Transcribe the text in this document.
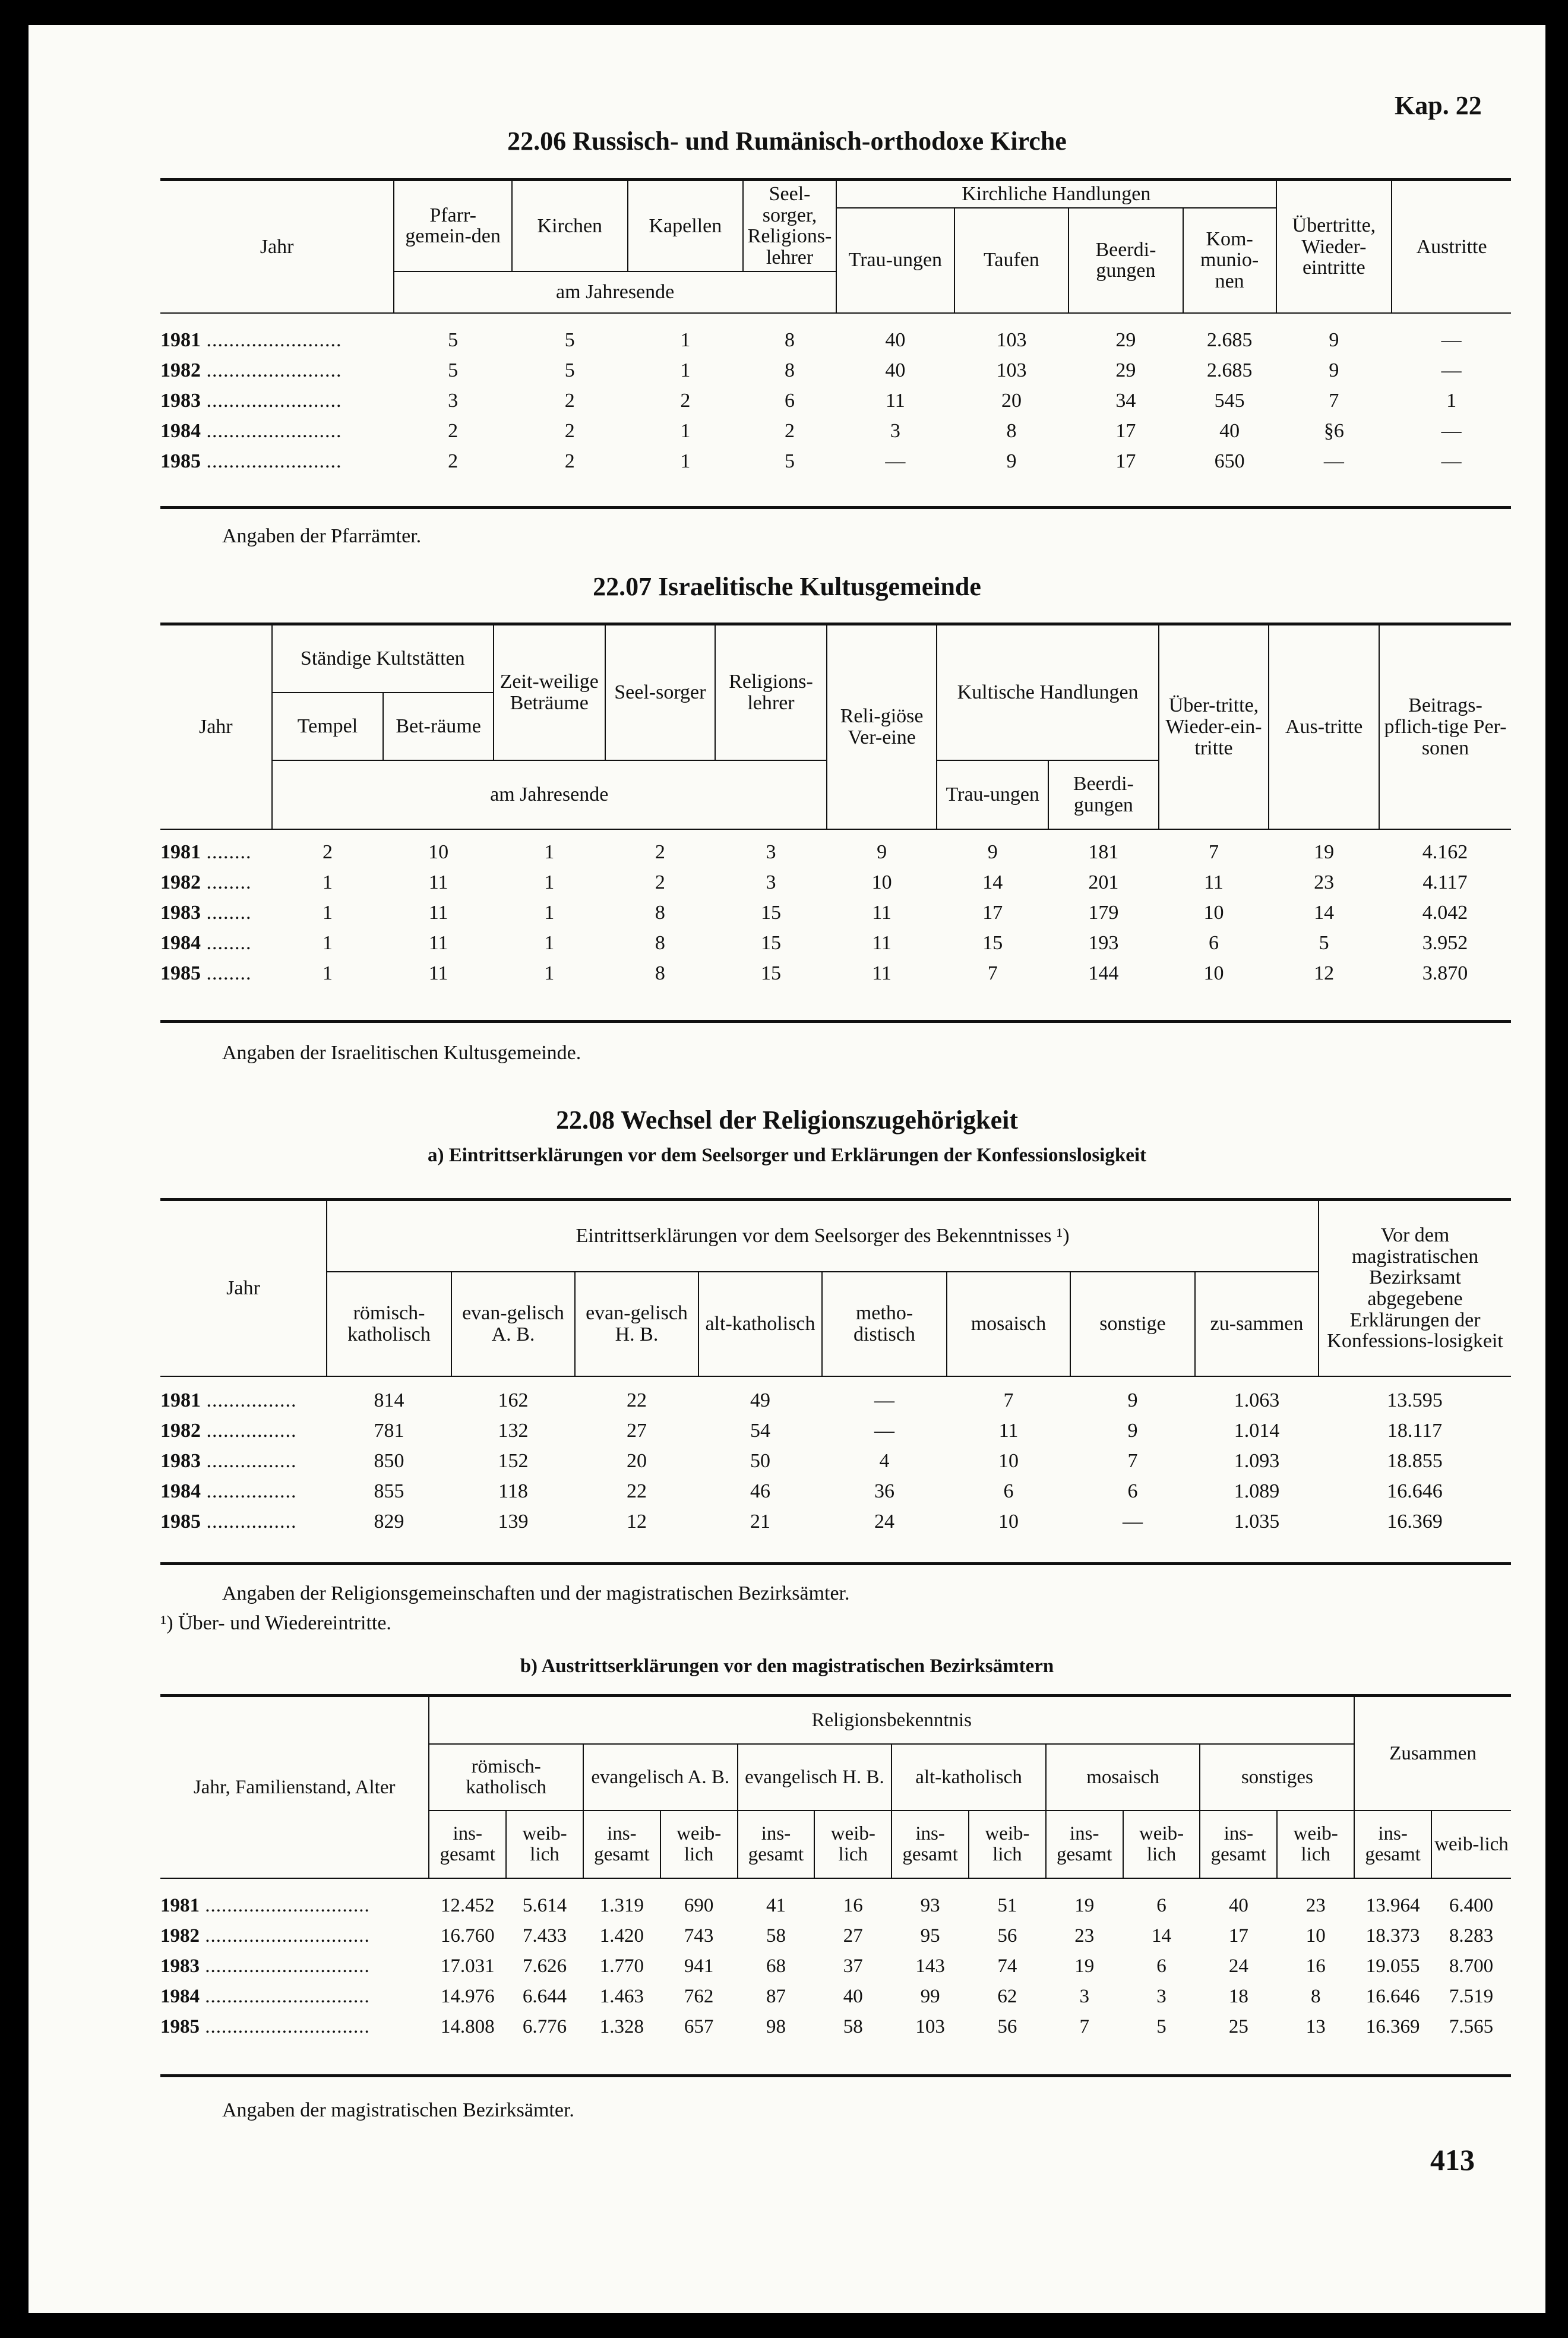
Kap. 22
22.06 Russisch- und Rumänisch-orthodoxe Kirche
Jahr	Pfarr-gemein-den	Kirchen	Kapellen	Seel-sorger, Religions-lehrer	Kirchliche Handlungen				Übertritte, Wieder-eintritte	Austritte
					Trau-ungen	Taufen	Beerdi-gungen	Kom-munio-nen		
	am Jahresende									

1981 ........................	5	5	1	8	40	103	29	2.685	9	—
1982 ........................	5	5	1	8	40	103	29	2.685	9	—
1983 ........................	3	2	2	6	11	20	34	545	7	1
1984 ........................	2	2	1	2	3	8	17	40	§6	—
1985 ........................	2	2	1	5	—	9	17	650	—	—
Angaben der Pfarrämter.
22.07 Israelitische Kultusgemeinde
Jahr	Ständige Kultstätten		Zeit-weilige Beträume	Seel-sorger	Religions-lehrer	Reli-giöse Ver-eine	Kultische Handlungen		Über-tritte, Wieder-ein-tritte	Aus-tritte	Beitrags-pflich-tige Per-sonen
	Tempel	Bet-räume									
	am Jahresende						Trau-ungen	Beerdi-gungen			

1981 ........	2	10	1	2	3	9	9	181	7	19	4.162
1982 ........	1	11	1	2	3	10	14	201	11	23	4.117
1983 ........	1	11	1	8	15	11	17	179	10	14	4.042
1984 ........	1	11	1	8	15	11	15	193	6	5	3.952
1985 ........	1	11	1	8	15	11	7	144	10	12	3.870
Angaben der Israelitischen Kultusgemeinde.
22.08 Wechsel der Religionszugehörigkeit
a) Eintrittserklärungen vor dem Seelsorger und Erklärungen der Konfessionslosigkeit
Jahr	Eintrittserklärungen vor dem Seelsorger des Bekenntnisses ¹)								Vor dem magistratischen Bezirksamt abgegebene Erklärungen der Konfessions-losigkeit
	römisch-katholisch	evan-gelisch A. B.	evan-gelisch H. B.	alt-katholisch	metho-distisch	mosaisch	sonstige	zu-sammen	

1981 ................	814	162	22	49	—	7	9	1.063	13.595
1982 ................	781	132	27	54	—	11	9	1.014	18.117
1983 ................	850	152	20	50	4	10	7	1.093	18.855
1984 ................	855	118	22	46	36	6	6	1.089	16.646
1985 ................	829	139	12	21	24	10	—	1.035	16.369
Angaben der Religionsgemeinschaften und der magistratischen Bezirksämter.
¹) Über- und Wiedereintritte.
b) Austrittserklärungen vor den magistratischen Bezirksämtern
Jahr, Familienstand, Alter	Religionsbekenntnis												Zusammen	
	römisch-katholisch		evangelisch A. B.		evangelisch H. B.		alt-katholisch		mosaisch		sonstiges			
	ins-gesamt	weib-lich	ins-gesamt	weib-lich	ins-gesamt	weib-lich	ins-gesamt	weib-lich	ins-gesamt	weib-lich	ins-gesamt	weib-lich	ins-gesamt	weib-lich

1981 ..............................	12.452	5.614	1.319	690	41	16	93	51	19	6	40	23	13.964	6.400
1982 ..............................	16.760	7.433	1.420	743	58	27	95	56	23	14	17	10	18.373	8.283
1983 ..............................	17.031	7.626	1.770	941	68	37	143	74	19	6	24	16	19.055	8.700
1984 ..............................	14.976	6.644	1.463	762	87	40	99	62	3	3	18	8	16.646	7.519
1985 ..............................	14.808	6.776	1.328	657	98	58	103	56	7	5	25	13	16.369	7.565
Angaben der magistratischen Bezirksämter.
413
